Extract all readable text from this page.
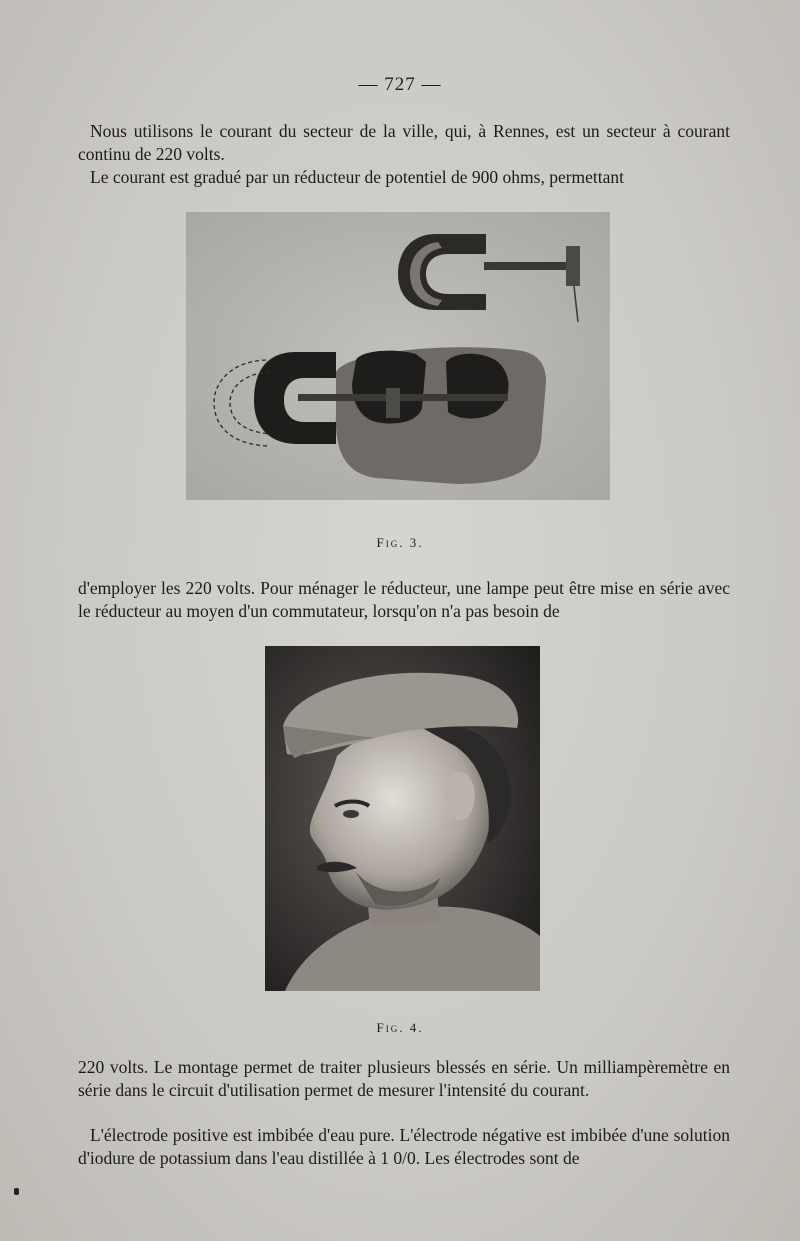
— 727 —

Nous utilisons le courant du secteur de la ville, qui, à Rennes, est un secteur à courant continu de 220 volts.

Le courant est gradué par un réducteur de potentiel de 900 ohms, permettant

Fig. 3.

d'employer les 220 volts. Pour ménager le réducteur, une lampe peut être mise en série avec le réducteur au moyen d'un commutateur, lorsqu'on n'a pas besoin de

Fig. 4.

220 volts. Le montage permet de traiter plusieurs blessés en série. Un milliampèremètre en série dans le circuit d'utilisation permet de mesurer l'intensité du courant.

L'électrode positive est imbibée d'eau pure. L'électrode négative est imbibée d'une solution d'iodure de potassium dans l'eau distillée à 1 0/0. Les électrodes sont de
